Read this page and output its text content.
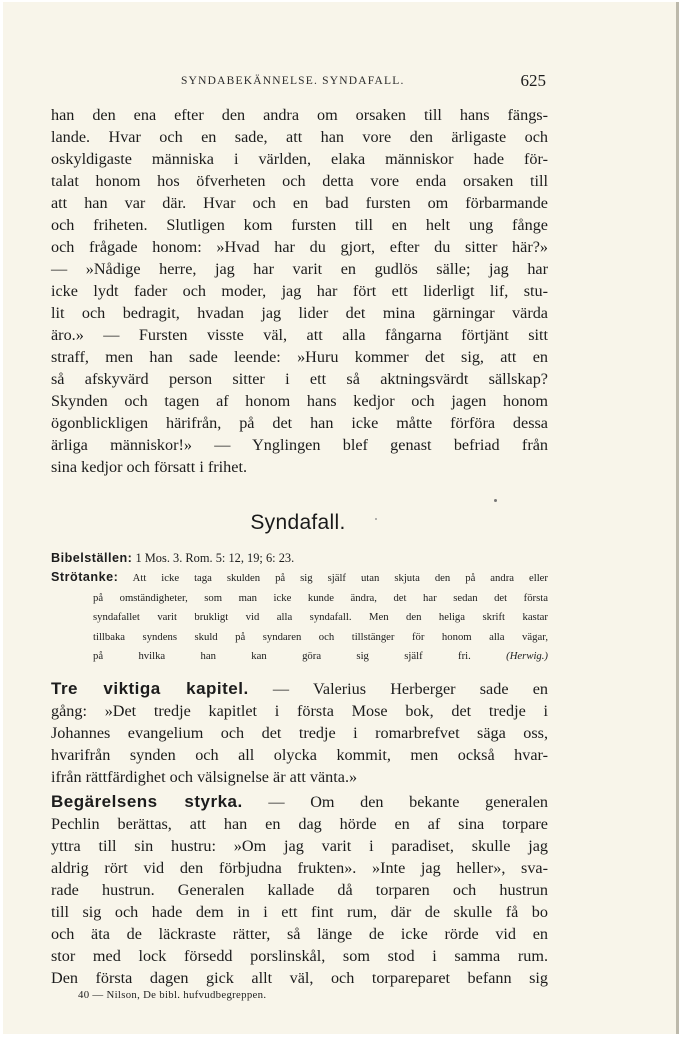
SYNDABEKÄNNELSE. SYNDAFALL.	625
han den ena efter den andra om orsaken till hans fängs-
lande. Hvar och en sade, att han vore den ärligaste och
oskyldigaste människa i världen, elaka människor hade för-
talat honom hos öfverheten och detta vore enda orsaken till
att han var där. Hvar och en bad fursten om förbarmande
och friheten. Slutligen kom fursten till en helt ung fånge
och frågade honom: »Hvad har du gjort, efter du sitter här?»
— »Nådige herre, jag har varit en gudlös sälle; jag har
icke lydt fader och moder, jag har fört ett liderligt lif, stu-
lit och bedragit, hvadan jag lider det mina gärningar värda
äro.» — Fursten visste väl, att alla fångarna förtjänt sitt
straff, men han sade leende: »Huru kommer det sig, att en
så afskyvärd person sitter i ett så aktningsvärdt sällskap?
Skynden och tagen af honom hans kedjor och jagen honom
ögonblickligen härifrån, på det han icke måtte förföra dessa
ärliga människor!» — Ynglingen blef genast befriad från
sina kedjor och försatt i frihet.
Syndafall.
Bibelställen: 1 Mos. 3. Rom. 5: 12, 19; 6: 23.
Strötanke: Att icke taga skulden på sig själf utan skjuta den på andra eller
på omständigheter, som man icke kunde ändra, det har sedan det första
syndafallet varit brukligt vid alla syndafall. Men den heliga skrift kastar
tillbaka syndens skuld på syndaren och tillstänger för honom alla vägar,
på hvilka han kan göra sig själf fri.	(Herwig.)
Tre viktiga kapitel. — Valerius Herberger sade en
gång: »Det tredje kapitlet i första Mose bok, det tredje i
Johannes evangelium och det tredje i romarbrefvet säga oss,
hvarifrån synden och all olycka kommit, men också hvar-
ifrån rättfärdighet och välsignelse är att vänta.»
Begärelsens styrka. — Om den bekante generalen
Pechlin berättas, att han en dag hörde en af sina torpare
yttra till sin hustru: »Om jag varit i paradiset, skulle jag
aldrig rört vid den förbjudna frukten». »Inte jag heller», sva-
rade hustrun. Generalen kallade då torparen och hustrun
till sig och hade dem in i ett fint rum, där de skulle få bo
och äta de läckraste rätter, så länge de icke rörde vid en
stor med lock försedd porslinskål, som stod i samma rum.
Den första dagen gick allt väl, och torpareparet befann sig
40 — Nilson, De bibl. hufvudbegreppen.
